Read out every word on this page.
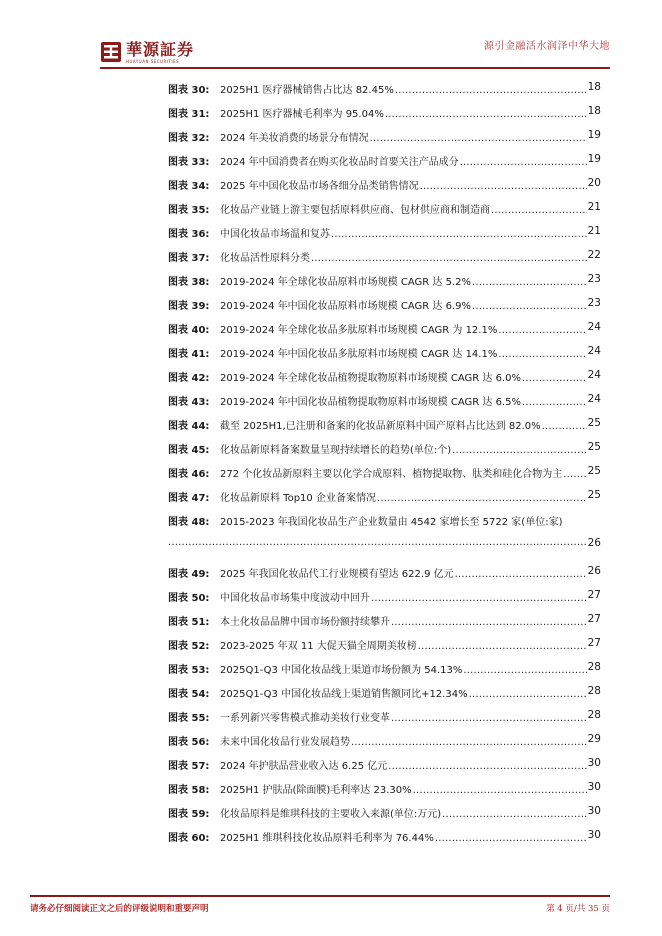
華源証券
HUAYUAN SECURITIES
源引金融活水润泽中华大地
图表 30: 2025H1 医疗器械销售占比达 82.45% .....	18
图表 31: 2025H1 医疗器械毛利率为 95.04% .....	18
图表 32: 2024 年美妆消费的场景分布情况 .....	19
图表 33: 2024 年中国消费者在购买化妆品时首要关注产品成分 .....	19
图表 34: 2025 年中国化妆品市场各细分品类销售情况 .....	20
图表 35: 化妆品产业链上游主要包括原料供应商、包材供应商和制造商 .....	21
图表 36: 中国化妆品市场温和复苏 .....	21
图表 37: 化妆品活性原料分类 .....	22
图表 38: 2019-2024 年全球化妆品原料市场规模 CAGR 达 5.2% .....	23
图表 39: 2019-2024 年中国化妆品原料市场规模 CAGR 达 6.9% .....	23
图表 40: 2019-2024 年全球化妆品多肽原料市场规模 CAGR 为 12.1% .....	24
图表 41: 2019-2024 年中国化妆品多肽原料市场规模 CAGR 达 14.1% .....	24
图表 42: 2019-2024 年全球化妆品植物提取物原料市场规模 CAGR 达 6.0% .....	24
图表 43: 2019-2024 年中国化妆品植物提取物原料市场规模 CAGR 达 6.5% .....	24
图表 44: 截至 2025H1,已注册和备案的化妆品新原料中国产原料占比达到 82.0% .....	25
图表 45: 化妆品新原料备案数量呈现持续增长的趋势(单位:个) .....	25
图表 46: 272 个化妆品新原料主要以化学合成原料、植物提取物、肽类和硅化合物为主 .....	25
图表 47: 化妆品新原料 Top10 企业备案情况 .....	25
图表 48: 2015-2023 年我国化妆品生产企业数量由 4542 家增长至 5722 家(单位:家)
.....
26
图表 49: 2025 年我国化妆品代工行业规模有望达 622.9 亿元 .....	26
图表 50: 中国化妆品市场集中度波动中回升 .....	27
图表 51: 本土化妆品品牌中国市场份额持续攀升 .....	27
图表 52: 2023-2025 年双 11 大促天猫全周期美妆榜 .....	27
图表 53: 2025Q1-Q3 中国化妆品线上渠道市场份额为 54.13% .....	28
图表 54: 2025Q1-Q3 中国化妆品线上渠道销售额同比+12.34% .....	28
图表 55: 一系列新兴零售模式推动美妆行业变革 .....	28
图表 56: 未来中国化妆品行业发展趋势 .....	29
图表 57: 2024 年护肤品营业收入达 6.25 亿元 .....	30
图表 58: 2025H1 护肤品(除面膜)毛利率达 23.30% .....	30
图表 59: 化妆品原料是维琪科技的主要收入来源(单位:万元) .....	30
图表 60: 2025H1 维琪科技化妆品原料毛利率为 76.44% .....	30
请务必仔细阅读正文之后的评级说明和重要声明	第 4 页/共 35 页
